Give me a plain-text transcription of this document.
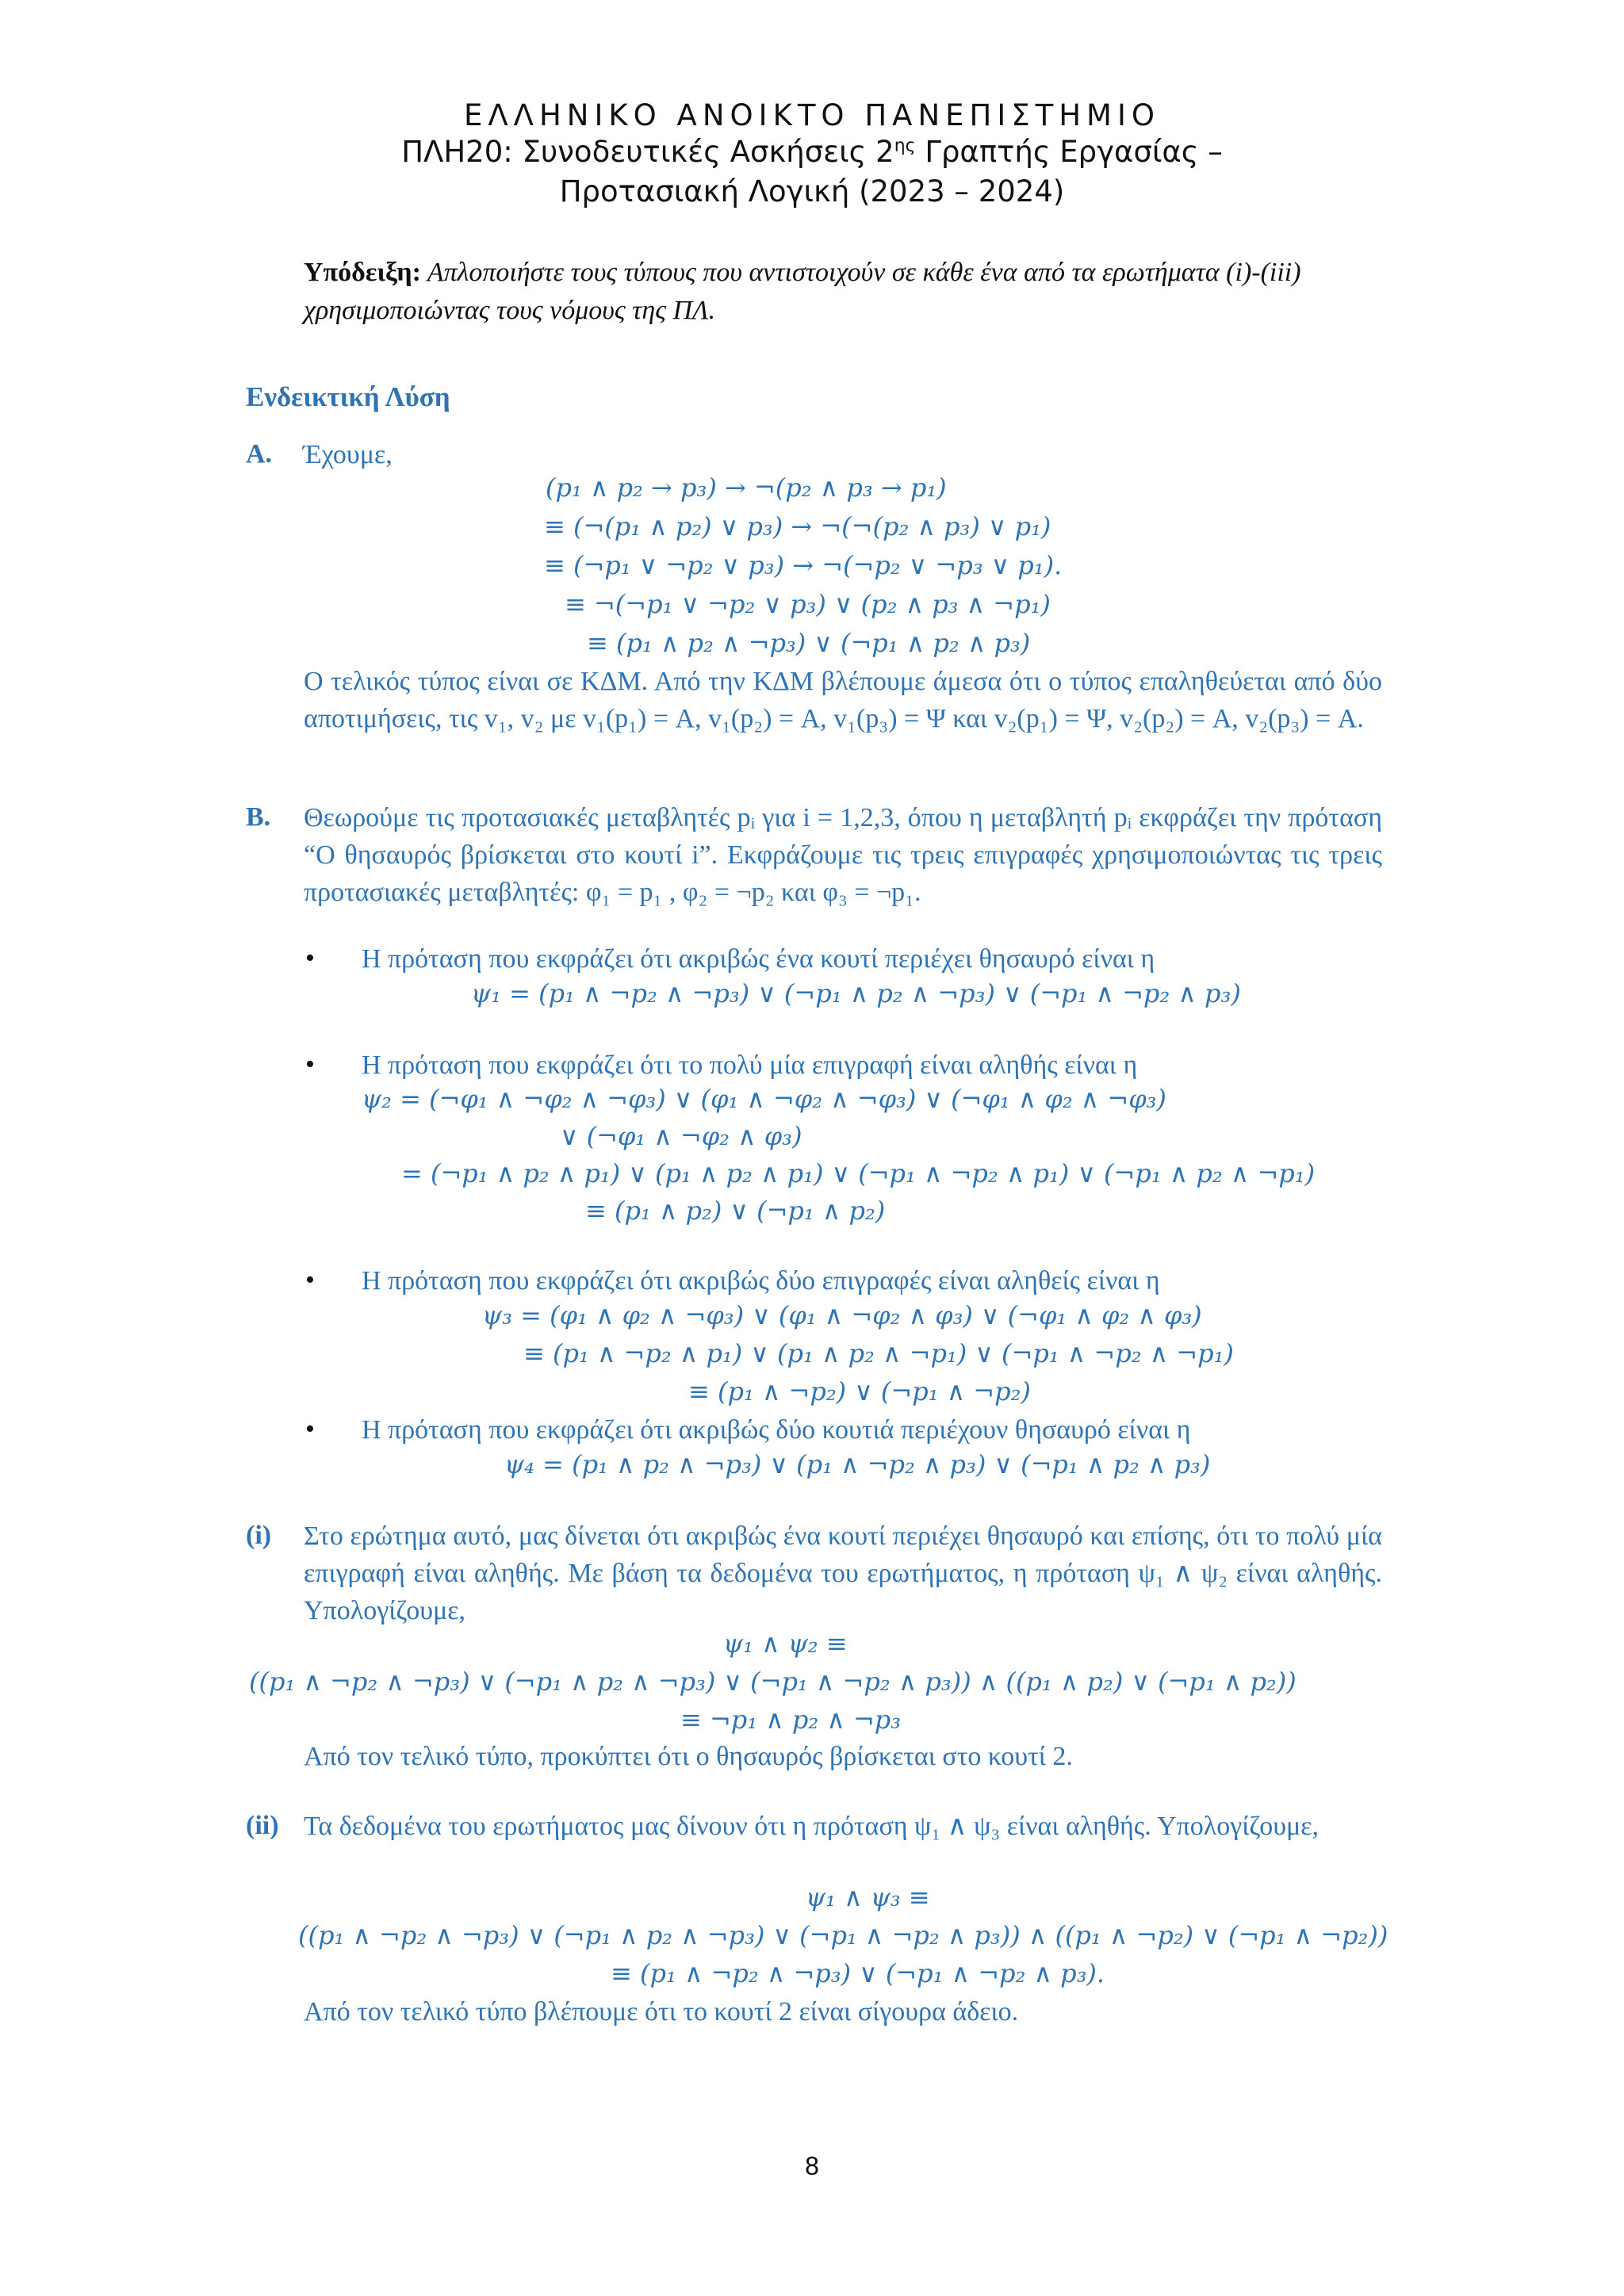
ΕΛΛΗΝΙΚΟ ΑΝΟΙΚΤΟ ΠΑΝΕΠΙΣΤΗΜΙΟ
ΠΛΗ20: Συνοδευτικές Ασκήσεις $2^{\eta\varsigma}$ Γραπτής Εργασίας –
Προτασιακή Λογική (2023 – 2024)
Υπόδειξη: Απλοποιήστε τους τύπους που αντιστοιχούν σε κάθε ένα από τα ερωτήματα (i)-(iii) χρησιμοποιώντας τους νόμους της ΠΛ.
Ενδεικτική Λύση
Α. Έχουμε,
(p₁ ∧ p₂ → p₃) → ¬(p₂ ∧ p₃ → p₁)
≡ (¬(p₁ ∧ p₂) ∨ p₃) → ¬(¬(p₂ ∧ p₃) ∨ p₁)
≡ (¬p₁ ∨ ¬p₂ ∨ p₃) → ¬(¬p₂ ∨ ¬p₃ ∨ p₁).
≡ ¬(¬p₁ ∨ ¬p₂ ∨ p₃) ∨ (p₂ ∧ p₃ ∧ ¬p₁)
≡ (p₁ ∧ p₂ ∧ ¬p₃) ∨ (¬p₁ ∧ p₂ ∧ p₃)
Ο τελικός τύπος είναι σε ΚΔΜ. Από την ΚΔΜ βλέπουμε άμεσα ότι ο τύπος επαληθεύεται από δύο αποτιμήσεις, τις v₁, v₂ με v₁(p₁) = Α, v₁(p₂) = Α, v₁(p₃) = Ψ και v₂(p₁) = Ψ, v₂(p₂) = Α, v₂(p₃) = Α.
Β. Θεωρούμε τις προτασιακές μεταβλητές pᵢ για i = 1,2,3, όπου η μεταβλητή pᵢ εκφράζει την πρόταση “Ο θησαυρός βρίσκεται στο κουτί i”. Εκφράζουμε τις τρεις επιγραφές χρησιμοποιώντας τις τρεις προτασιακές μεταβλητές: φ₁ = p₁ , φ₂ = ¬p₂ και φ₃ = ¬p₁.
• Η πρόταση που εκφράζει ότι ακριβώς ένα κουτί περιέχει θησαυρό είναι η
ψ₁ = (p₁ ∧ ¬p₂ ∧ ¬p₃) ∨ (¬p₁ ∧ p₂ ∧ ¬p₃) ∨ (¬p₁ ∧ ¬p₂ ∧ p₃)
• Η πρόταση που εκφράζει ότι το πολύ μία επιγραφή είναι αληθής είναι η
ψ₂ = (¬φ₁ ∧ ¬φ₂ ∧ ¬φ₃) ∨ (φ₁ ∧ ¬φ₂ ∧ ¬φ₃) ∨ (¬φ₁ ∧ φ₂ ∧ ¬φ₃)
∨ (¬φ₁ ∧ ¬φ₂ ∧ φ₃)
= (¬p₁ ∧ p₂ ∧ p₁) ∨ (p₁ ∧ p₂ ∧ p₁) ∨ (¬p₁ ∧ ¬p₂ ∧ p₁) ∨ (¬p₁ ∧ p₂ ∧ ¬p₁)
≡ (p₁ ∧ p₂) ∨ (¬p₁ ∧ p₂)
• Η πρόταση που εκφράζει ότι ακριβώς δύο επιγραφές είναι αληθείς είναι η
ψ₃ = (φ₁ ∧ φ₂ ∧ ¬φ₃) ∨ (φ₁ ∧ ¬φ₂ ∧ φ₃) ∨ (¬φ₁ ∧ φ₂ ∧ φ₃)
≡ (p₁ ∧ ¬p₂ ∧ p₁) ∨ (p₁ ∧ p₂ ∧ ¬p₁) ∨ (¬p₁ ∧ ¬p₂ ∧ ¬p₁)
≡ (p₁ ∧ ¬p₂) ∨ (¬p₁ ∧ ¬p₂)
• Η πρόταση που εκφράζει ότι ακριβώς δύο κουτιά περιέχουν θησαυρό είναι η
ψ₄ = (p₁ ∧ p₂ ∧ ¬p₃) ∨ (p₁ ∧ ¬p₂ ∧ p₃) ∨ (¬p₁ ∧ p₂ ∧ p₃)
(i) Στο ερώτημα αυτό, μας δίνεται ότι ακριβώς ένα κουτί περιέχει θησαυρό και επίσης, ότι το πολύ μία επιγραφή είναι αληθής. Με βάση τα δεδομένα του ερωτήματος, η πρόταση ψ₁ ∧ ψ₂ είναι αληθής. Υπολογίζουμε,
ψ₁ ∧ ψ₂ ≡
((p₁ ∧ ¬p₂ ∧ ¬p₃) ∨ (¬p₁ ∧ p₂ ∧ ¬p₃) ∨ (¬p₁ ∧ ¬p₂ ∧ p₃)) ∧ ((p₁ ∧ p₂) ∨ (¬p₁ ∧ p₂))
≡ ¬p₁ ∧ p₂ ∧ ¬p₃
Από τον τελικό τύπο, προκύπτει ότι ο θησαυρός βρίσκεται στο κουτί 2.
(ii) Τα δεδομένα του ερωτήματος μας δίνουν ότι η πρόταση ψ₁ ∧ ψ₃ είναι αληθής. Υπολογίζουμε,
ψ₁ ∧ ψ₃ ≡
((p₁ ∧ ¬p₂ ∧ ¬p₃) ∨ (¬p₁ ∧ p₂ ∧ ¬p₃) ∨ (¬p₁ ∧ ¬p₂ ∧ p₃)) ∧ ((p₁ ∧ ¬p₂) ∨ (¬p₁ ∧ ¬p₂))
≡ (p₁ ∧ ¬p₂ ∧ ¬p₃) ∨ (¬p₁ ∧ ¬p₂ ∧ p₃).
Από τον τελικό τύπο βλέπουμε ότι το κουτί 2 είναι σίγουρα άδειο.
8
